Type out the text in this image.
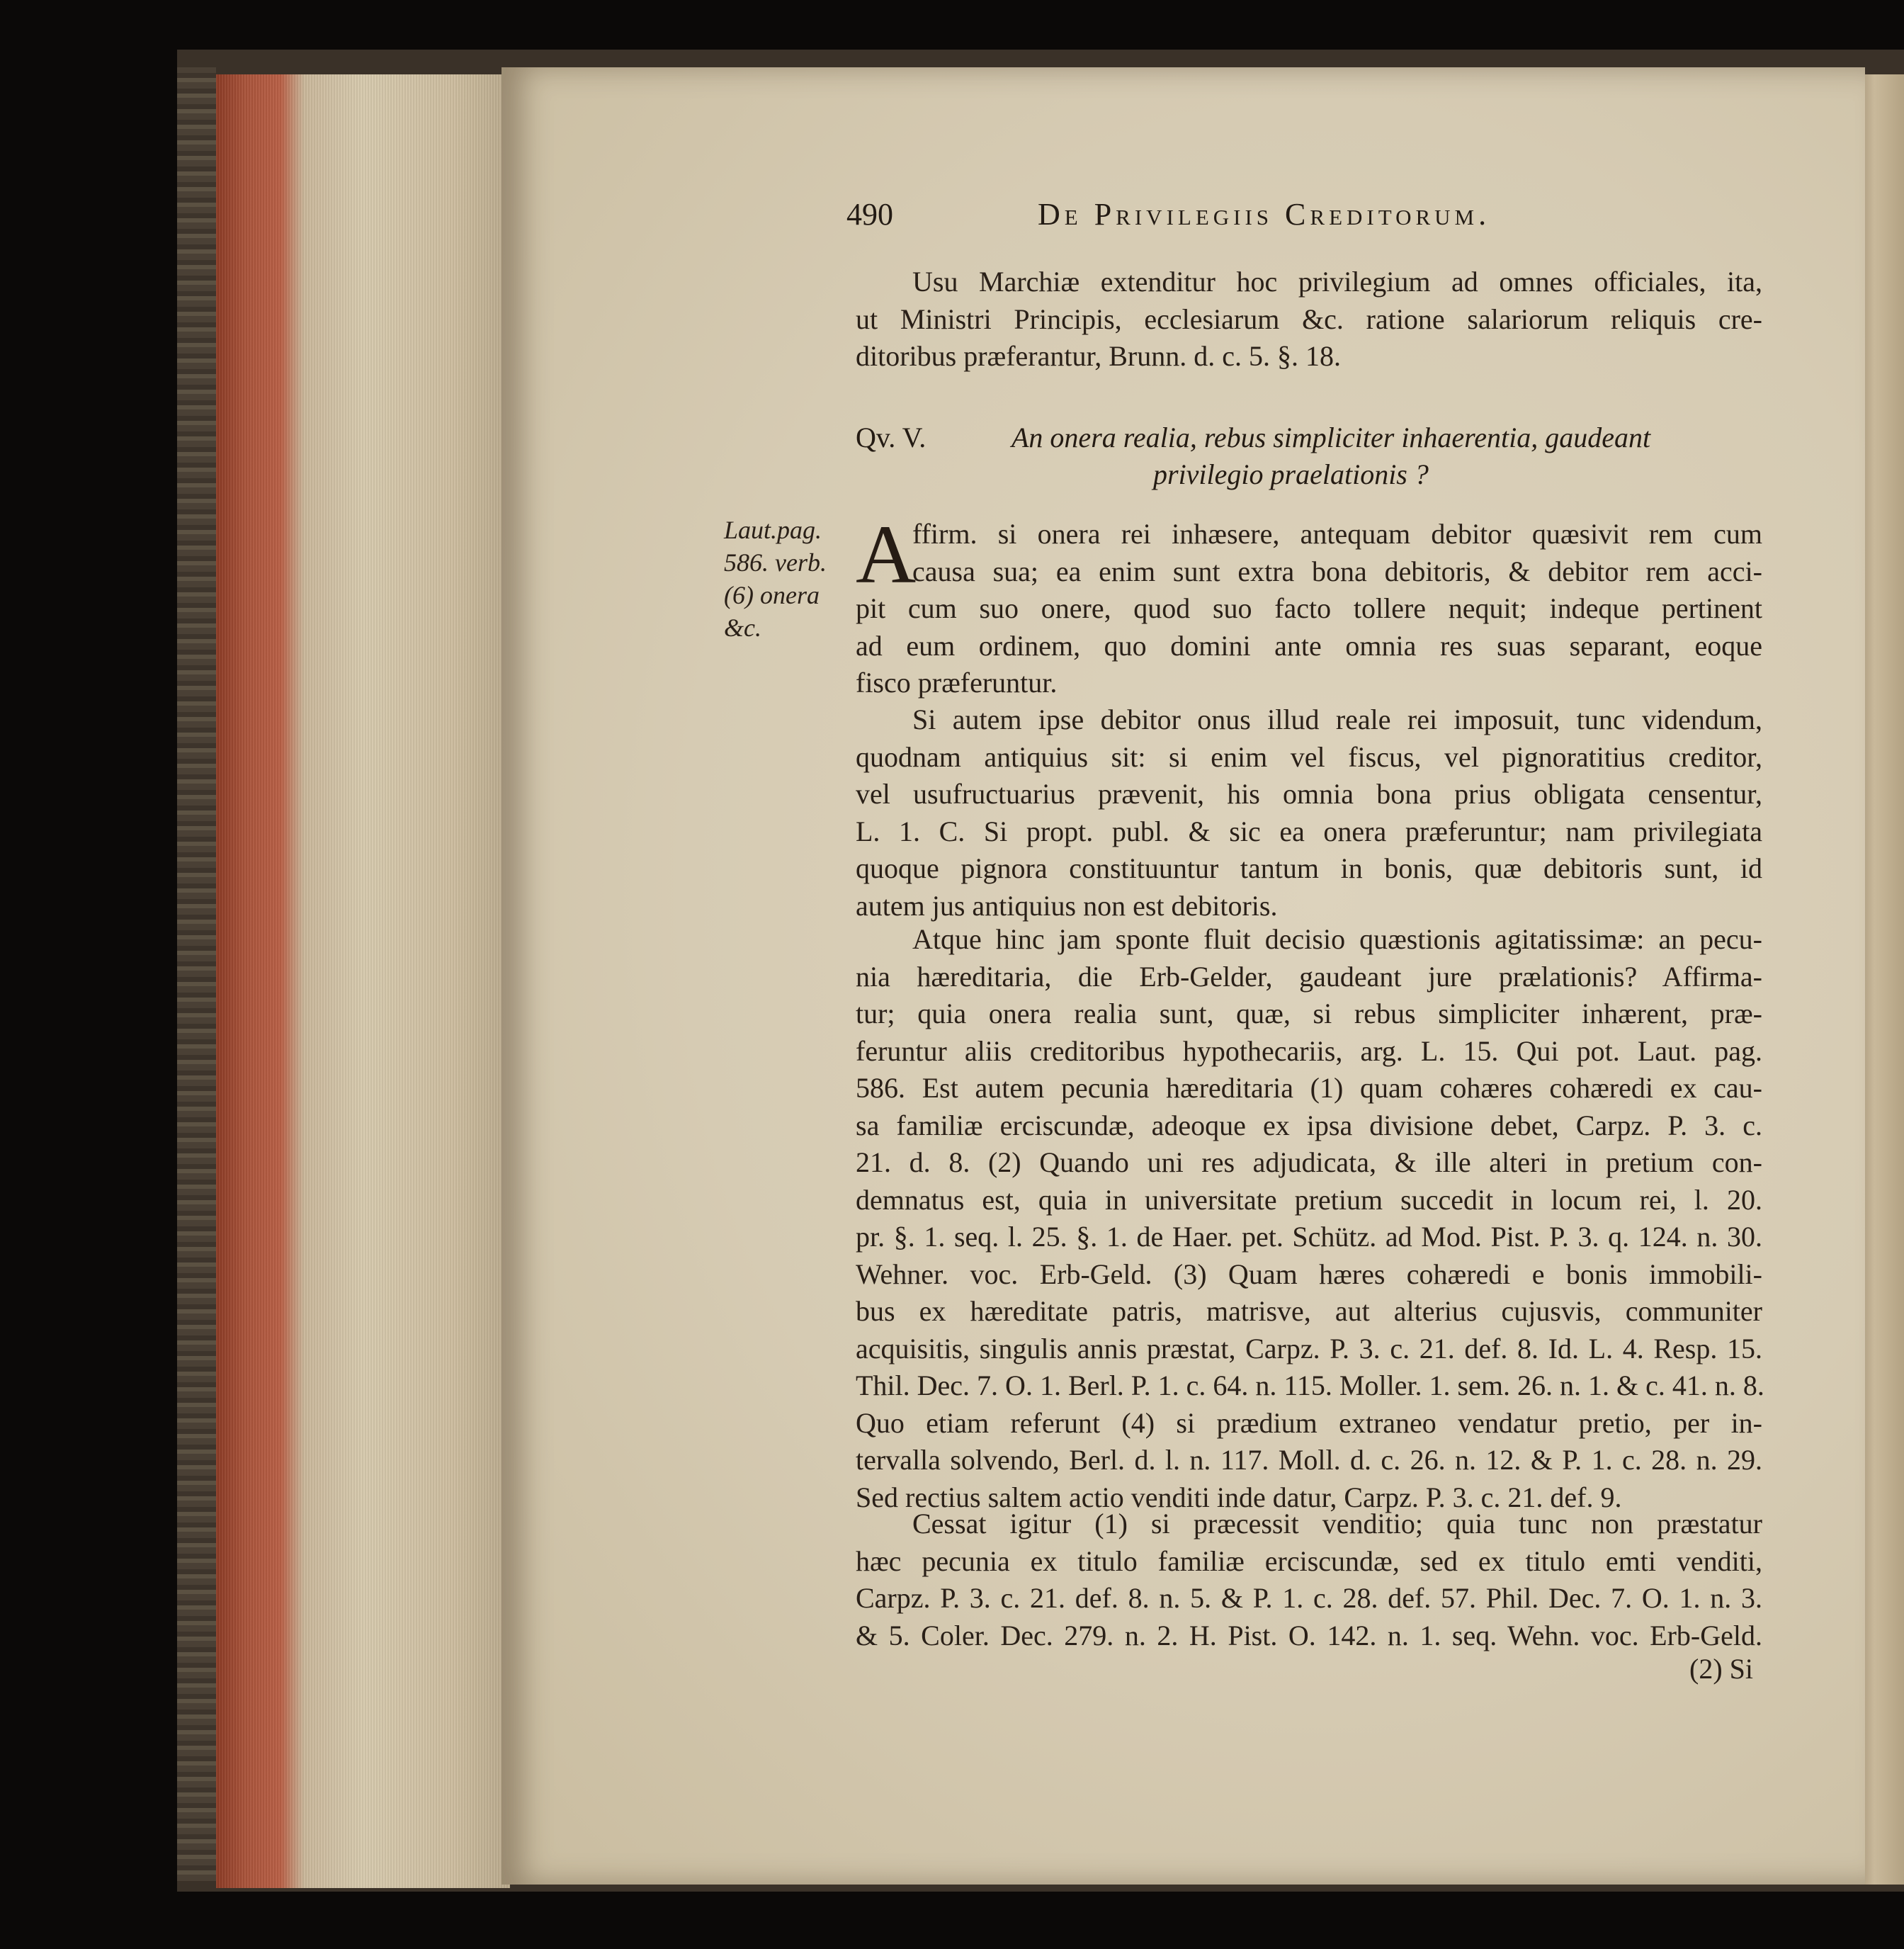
490	De Privilegiis Creditorum.
Usu Marchiæ extenditur hoc privilegium ad omnes officiales, ita,
ut Ministri Principis, ecclesiarum &c. ratione salariorum reliquis cre-
ditoribus præferantur, Brunn. d. c. 5. §. 18.
Qv. V.	An onera realia, rebus simpliciter inhaerentia, gaudeant
privilegio praelationis ?
Laut.pag.
586. verb.
(6) onera
&c.
A
ffirm. si onera rei inhæsere, antequam debitor quæsivit rem cum
causa sua; ea enim sunt extra bona debitoris, & debitor rem acci-
pit cum suo onere, quod suo facto tollere nequit; indeque pertinent
ad eum ordinem, quo domini ante omnia res suas separant, eoque
fisco præferuntur.
Si autem ipse debitor onus illud reale rei imposuit, tunc videndum,
quodnam antiquius sit: si enim vel fiscus, vel pignoratitius creditor,
vel usufructuarius prævenit, his omnia bona prius obligata censentur,
L. 1. C. Si propt. publ. & sic ea onera præferuntur; nam privilegiata
quoque pignora constituuntur tantum in bonis, quæ debitoris sunt, id
autem jus antiquius non est debitoris.
Atque hinc jam sponte fluit decisio quæstionis agitatissimæ: an pecu-
nia hæreditaria, die Erb-Gelder, gaudeant jure prælationis? Affirma-
tur; quia onera realia sunt, quæ, si rebus simpliciter inhærent, præ-
feruntur aliis creditoribus hypothecariis, arg. L. 15. Qui pot. Laut. pag.
586. Est autem pecunia hæreditaria (1) quam cohæres cohæredi ex cau-
sa familiæ erciscundæ, adeoque ex ipsa divisione debet, Carpz. P. 3. c.
21. d. 8. (2) Quando uni res adjudicata, & ille alteri in pretium con-
demnatus est, quia in universitate pretium succedit in locum rei, l. 20.
pr. §. 1. seq. l. 25. §. 1. de Haer. pet. Schütz. ad Mod. Pist. P. 3. q. 124. n. 30.
Wehner. voc. Erb-Geld. (3) Quam hæres cohæredi e bonis immobili-
bus ex hæreditate patris, matrisve, aut alterius cujusvis, communiter
acquisitis, singulis annis præstat, Carpz. P. 3. c. 21. def. 8. Id. L. 4. Resp. 15.
Thil. Dec. 7. O. 1. Berl. P. 1. c. 64. n. 115. Moller. 1. sem. 26. n. 1. & c. 41. n. 8.
Quo etiam referunt (4) si prædium extraneo vendatur pretio, per in-
tervalla solvendo, Berl. d. l. n. 117. Moll. d. c. 26. n. 12. & P. 1. c. 28. n. 29.
Sed rectius saltem actio venditi inde datur, Carpz. P. 3. c. 21. def. 9.
Cessat igitur (1) si præcessit venditio; quia tunc non præstatur
hæc pecunia ex titulo familiæ erciscundæ, sed ex titulo emti venditi,
Carpz. P. 3. c. 21. def. 8. n. 5. & P. 1. c. 28. def. 57. Phil. Dec. 7. O. 1. n. 3.
& 5. Coler. Dec. 279. n. 2. H. Pist. O. 142. n. 1. seq. Wehn. voc. Erb-Geld.
(2) Si
